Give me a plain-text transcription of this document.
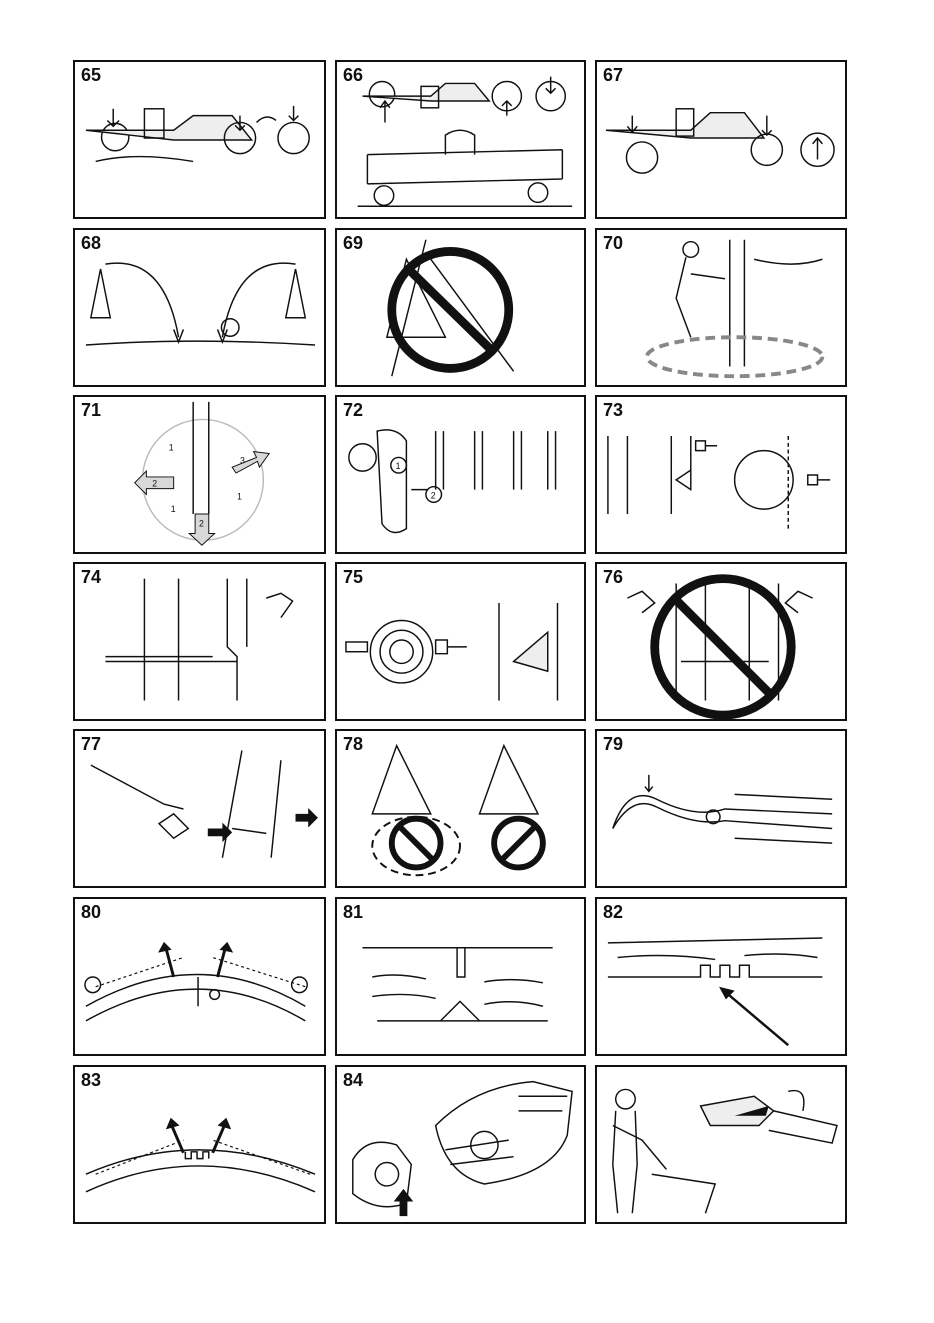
65	66	67
68	69	70
71
1
1
1
2
2
3
72
1
2
73
74	75	76
77	78	79
80	81	82
83	84
